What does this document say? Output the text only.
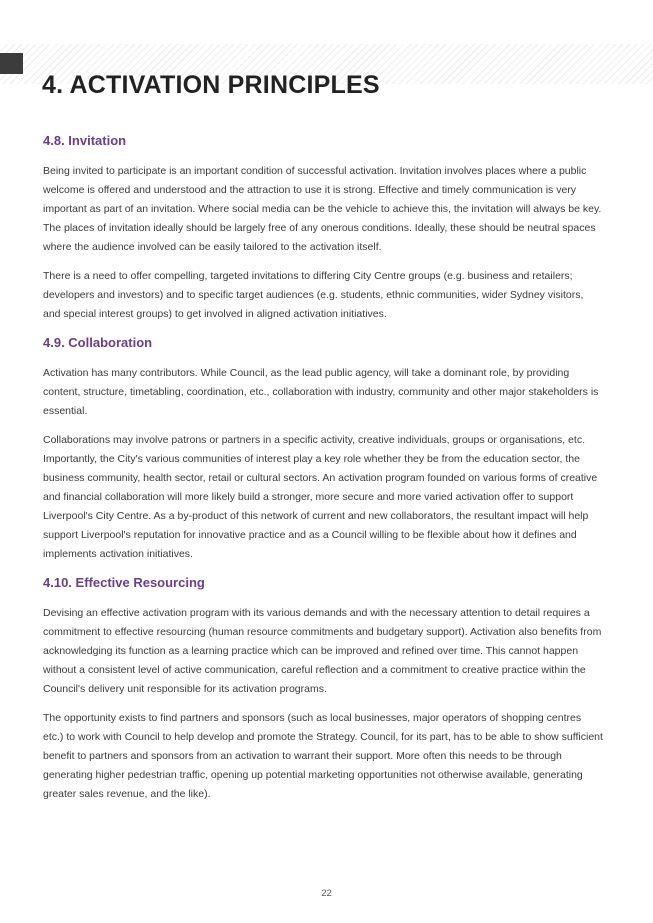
4. ACTIVATION PRINCIPLES
4.8. Invitation

Being invited to participate is an important condition of successful activation. Invitation involves places where a public welcome is offered and understood and the attraction to use it is strong. Effective and timely communication is very important as part of an invitation. Where social media can be the vehicle to achieve this, the invitation will always be key. The places of invitation ideally should be largely free of any onerous conditions. Ideally, these should be neutral spaces where the audience involved can be easily tailored to the activation itself.

There is a need to offer compelling, targeted invitations to differing City Centre groups (e.g. business and retailers; developers and investors) and to specific target audiences (e.g. students, ethnic communities, wider Sydney visitors, and special interest groups) to get involved in aligned activation initiatives.

4.9. Collaboration

Activation has many contributors. While Council, as the lead public agency, will take a dominant role, by providing content, structure, timetabling, coordination, etc., collaboration with industry, community and other major stakeholders is essential.

Collaborations may involve patrons or partners in a specific activity, creative individuals, groups or organisations, etc. Importantly, the City's various communities of interest play a key role whether they be from the education sector, the business community, health sector, retail or cultural sectors. An activation program founded on various forms of creative and financial collaboration will more likely build a stronger, more secure and more varied activation offer to support Liverpool's City Centre. As a by-product of this network of current and new collaborators, the resultant impact will help support Liverpool's reputation for innovative practice and as a Council willing to be flexible about how it defines and implements activation initiatives.

4.10. Effective Resourcing

Devising an effective activation program with its various demands and with the necessary attention to detail requires a commitment to effective resourcing (human resource commitments and budgetary support). Activation also benefits from acknowledging its function as a learning practice which can be improved and refined over time. This cannot happen without a consistent level of active communication, careful reflection and a commitment to creative practice within the Council's delivery unit responsible for its activation programs.

The opportunity exists to find partners and sponsors (such as local businesses, major operators of shopping centres etc.) to work with Council to help develop and promote the Strategy. Council, for its part, has to be able to show sufficient benefit to partners and sponsors from an activation to warrant their support. More often this needs to be through generating higher pedestrian traffic, opening up potential marketing opportunities not otherwise available, generating greater sales revenue, and the like).

22
